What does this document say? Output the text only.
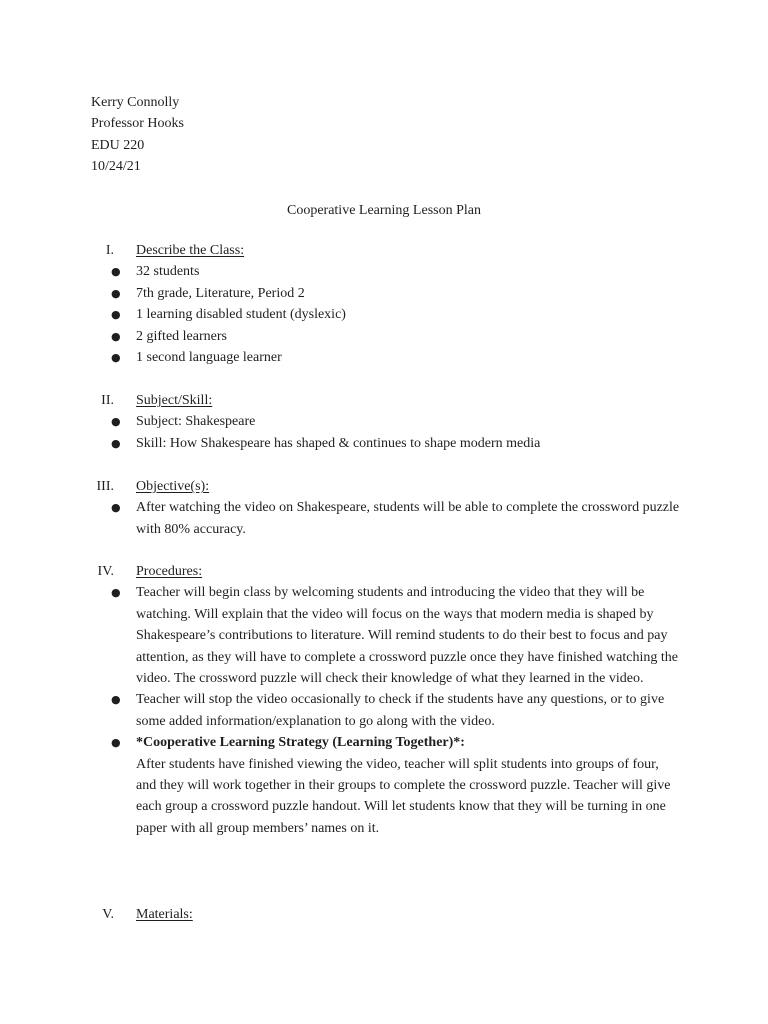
Kerry Connolly
Professor Hooks
EDU 220
10/24/21
Cooperative Learning Lesson Plan
I. Describe the Class:
● 32 students
● 7th grade, Literature, Period 2
● 1 learning disabled student (dyslexic)
● 2 gifted learners
● 1 second language learner
II. Subject/Skill:
● Subject: Shakespeare
● Skill: How Shakespeare has shaped & continues to shape modern media
III. Objective(s):
● After watching the video on Shakespeare, students will be able to complete the crossword puzzle with 80% accuracy.
IV. Procedures:
● Teacher will begin class by welcoming students and introducing the video that they will be watching. Will explain that the video will focus on the ways that modern media is shaped by Shakespeare’s contributions to literature. Will remind students to do their best to focus and pay attention, as they will have to complete a crossword puzzle once they have finished watching the video. The crossword puzzle will check their knowledge of what they learned in the video.
● Teacher will stop the video occasionally to check if the students have any questions, or to give some added information/explanation to go along with the video.
● *Cooperative Learning Strategy (Learning Together)*:
After students have finished viewing the video, teacher will split students into groups of four, and they will work together in their groups to complete the crossword puzzle. Teacher will give each group a crossword puzzle handout. Will let students know that they will be turning in one paper with all group members’ names on it.
V. Materials:
